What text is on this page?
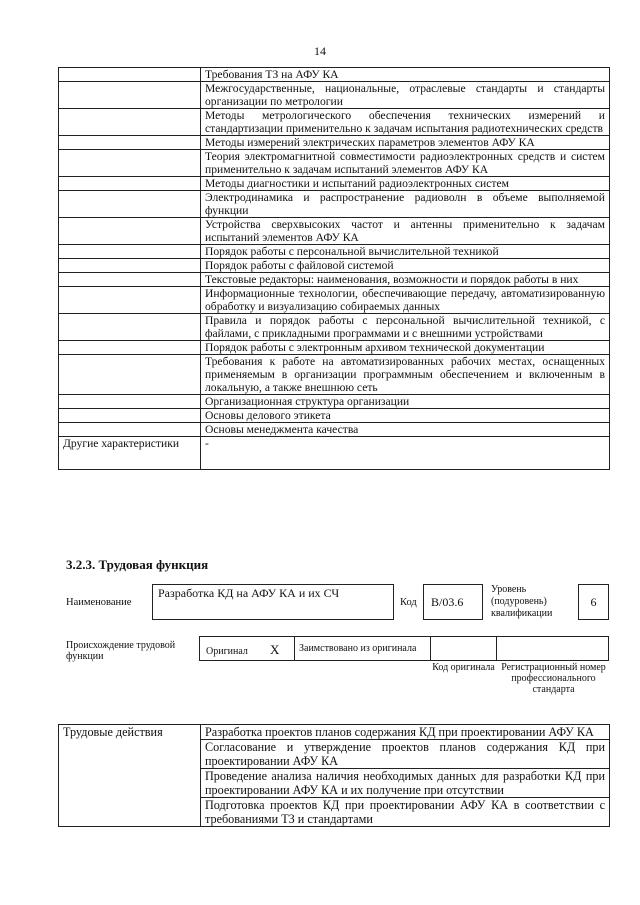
14
	Требования ТЗ на АФУ КА
	Межгосударственные, национальные, отраслевые стандарты и стандарты организации по метрологии
	Методы метрологического обеспечения технических измерений и стандартизации применительно к задачам испытания радиотехнических средств
	Методы измерений электрических параметров элементов АФУ КА
	Теория электромагнитной совместимости радиоэлектронных средств и систем применительно к задачам испытаний элементов АФУ КА
	Методы диагностики и испытаний радиоэлектронных систем
	Электродинамика и распространение радиоволн в объеме выполняемой функции
	Устройства сверхвысоких частот и антенны применительно к задачам испытаний элементов АФУ КА
	Порядок работы с персональной вычислительной техникой
	Порядок работы с файловой системой
	Текстовые редакторы: наименования, возможности и порядок работы в них
	Информационные технологии, обеспечивающие передачу, автоматизированную обработку и визуализацию собираемых данных
	Правила и порядок работы с персональной вычислительной техникой, с файлами, с прикладными программами и с внешними устройствами
	Порядок работы с электронным архивом технической документации
	Требования к работе на автоматизированных рабочих местах, оснащенных применяемым в организации программным обеспечением и включенным в локальную, а также внешнюю сеть
	Организационная структура организации
	Основы делового этикета
	Основы менеджмента качества
Другие характеристики	-
3.2.3. Трудовая функция
Наименование
Разработка КД на АФУ КА и их СЧ
Код	B/03.6
Уровень (подуровень) квалификации
6
Происхождение трудовой функции	Оригинал X	Заимствовано из оригинала
Код оригинала Регистрационный номер профессионального стандарта
Трудовые действия	Разработка проектов планов содержания КД при проектировании АФУ КА
Согласование и утверждение проектов планов содержания КД при проектировании АФУ КА
Проведение анализа наличия необходимых данных для разработки КД при проектировании АФУ КА и их получение при отсутствии
Подготовка проектов КД при проектировании АФУ КА в соответствии с требованиями ТЗ и стандартами
